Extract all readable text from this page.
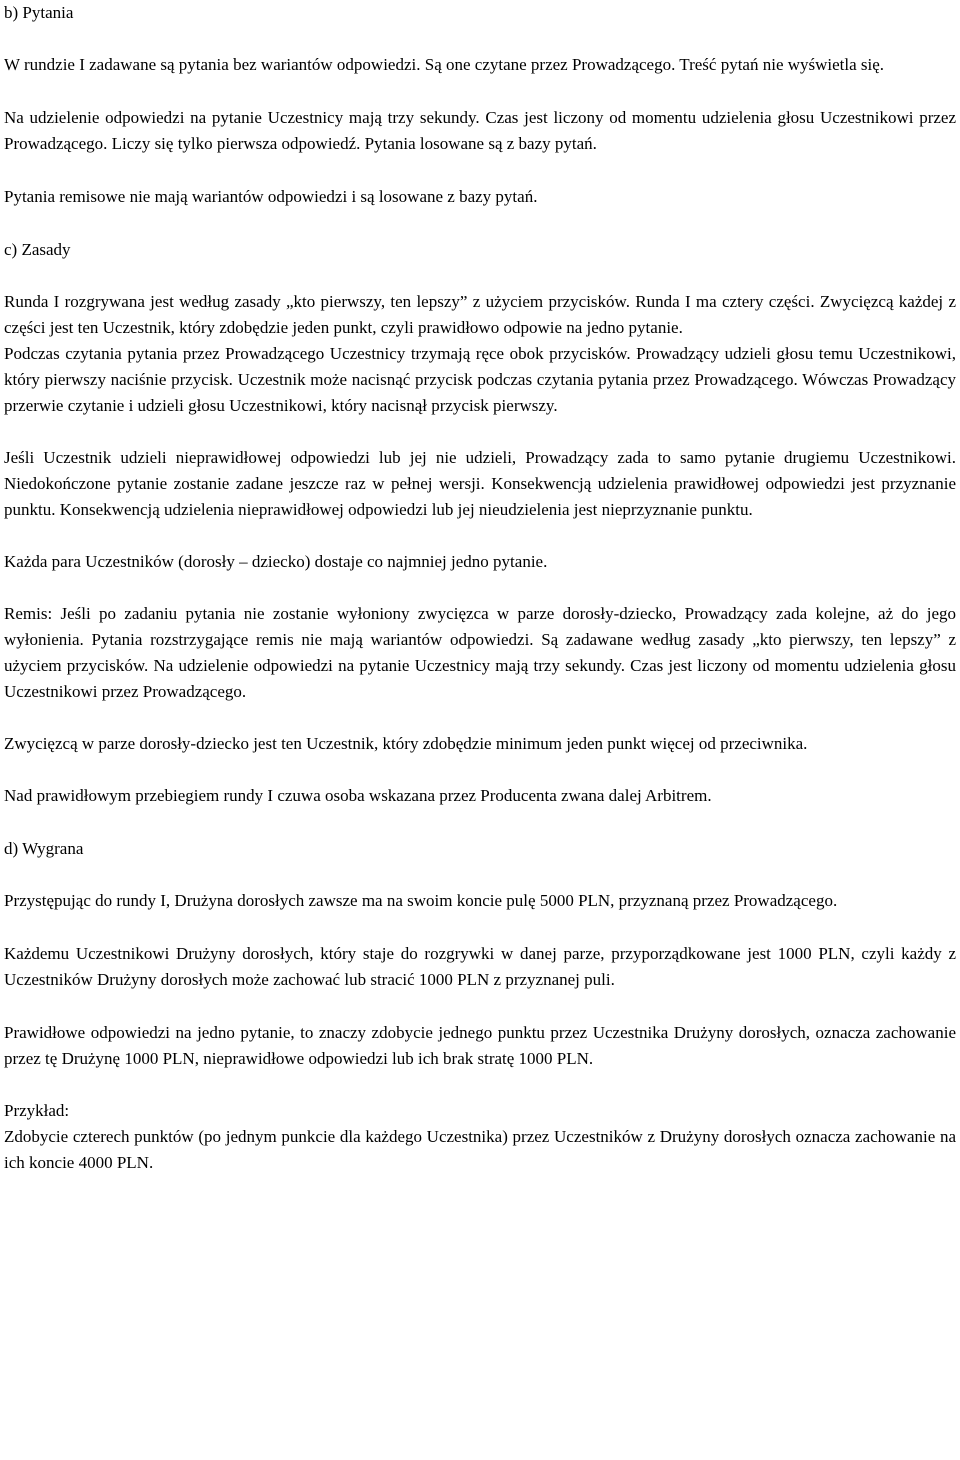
b) Pytania

W rundzie I zadawane są pytania bez wariantów odpowiedzi. Są one czytane przez Prowadzącego. Treść pytań nie wyświetla się.

Na udzielenie odpowiedzi na pytanie Uczestnicy mają trzy sekundy. Czas jest liczony od momentu udzielenia głosu Uczestnikowi przez Prowadzącego. Liczy się tylko pierwsza odpowiedź. Pytania losowane są z bazy pytań.

Pytania remisowe nie mają wariantów odpowiedzi i są losowane z bazy pytań.

c) Zasady

Runda I rozgrywana jest według zasady „kto pierwszy, ten lepszy” z użyciem przycisków. Runda I ma cztery części. Zwycięzcą każdej z części jest ten Uczestnik, który zdobędzie jeden punkt, czyli prawidłowo odpowie na jedno pytanie.

Podczas czytania pytania przez Prowadzącego Uczestnicy trzymają ręce obok przycisków. Prowadzący udzieli głosu temu Uczestnikowi, który pierwszy naciśnie przycisk. Uczestnik może nacisnąć przycisk podczas czytania pytania przez Prowadzącego. Wówczas Prowadzący przerwie czytanie i udzieli głosu Uczestnikowi, który nacisnął przycisk pierwszy.

Jeśli Uczestnik udzieli nieprawidłowej odpowiedzi lub jej nie udzieli, Prowadzący zada to samo pytanie drugiemu Uczestnikowi. Niedokończone pytanie zostanie zadane jeszcze raz w pełnej wersji. Konsekwencją udzielenia prawidłowej odpowiedzi jest przyznanie punktu. Konsekwencją udzielenia nieprawidłowej odpowiedzi lub jej nieudzielenia jest nieprzyznanie punktu.

Każda para Uczestników (dorosły – dziecko) dostaje co najmniej jedno pytanie.

Remis: Jeśli po zadaniu pytania nie zostanie wyłoniony zwycięzca w parze dorosły-dziecko, Prowadzący zada kolejne, aż do jego wyłonienia. Pytania rozstrzygające remis nie mają wariantów odpowiedzi. Są zadawane według zasady „kto pierwszy, ten lepszy” z użyciem przycisków. Na udzielenie odpowiedzi na pytanie Uczestnicy mają trzy sekundy. Czas jest liczony od momentu udzielenia głosu Uczestnikowi przez Prowadzącego.

Zwycięzcą w parze dorosły-dziecko jest ten Uczestnik, który zdobędzie minimum jeden punkt więcej od przeciwnika.

Nad prawidłowym przebiegiem rundy I czuwa osoba wskazana przez Producenta zwana dalej Arbitrem.

d) Wygrana

Przystępując do rundy I, Drużyna dorosłych zawsze ma na swoim koncie pulę 5000 PLN, przyznaną przez Prowadzącego.

Każdemu Uczestnikowi Drużyny dorosłych, który staje do rozgrywki w danej parze, przyporządkowane jest 1000 PLN, czyli każdy z Uczestników Drużyny dorosłych może zachować lub stracić 1000 PLN z przyznanej puli.

Prawidłowe odpowiedzi na jedno pytanie, to znaczy zdobycie jednego punktu przez Uczestnika Drużyny dorosłych, oznacza zachowanie przez tę Drużynę 1000 PLN, nieprawidłowe odpowiedzi lub ich brak stratę 1000 PLN.

Przykład:

Zdobycie czterech punktów (po jednym punkcie dla każdego Uczestnika) przez Uczestników z Drużyny dorosłych oznacza zachowanie na ich koncie 4000 PLN.
